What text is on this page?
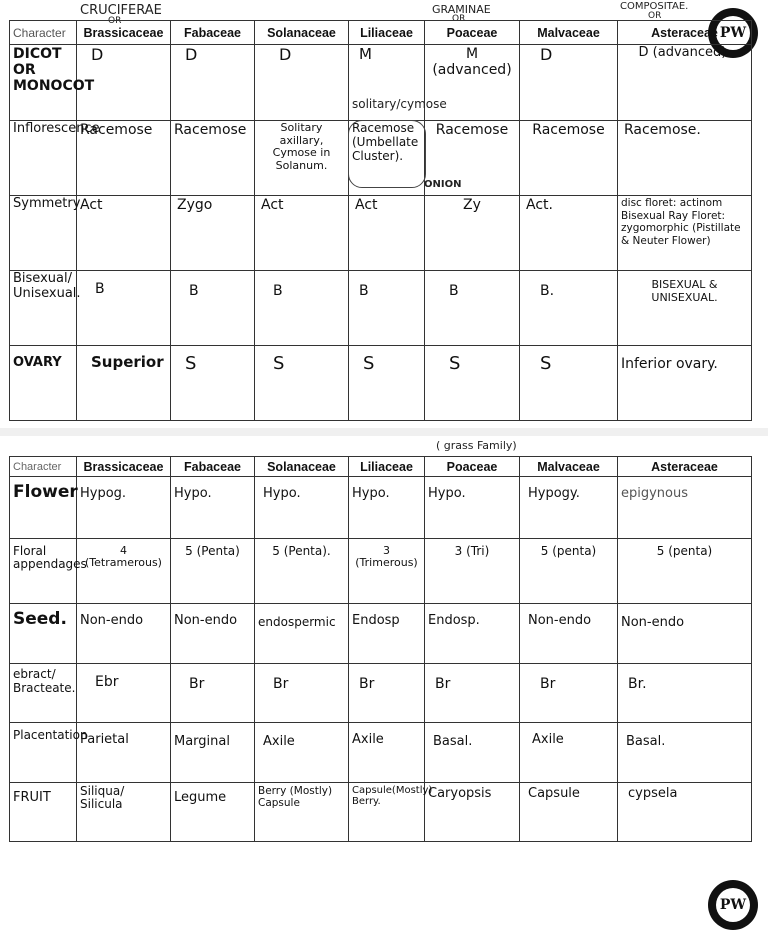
CRUCIFERAE
OR
GRAMINAE
OR
COMPOSITAE.
OR
PW
Character	Brassicaceae	Fabaceae	Solanaceae	Liliaceae	Poaceae	Malvaceae	Asteraceae
DICOT OR MONOCOT	D	D	D	M	M (advanced)	D	D (advanced).
Inflorescence	Racemose	Racemose	Solitary axillary, Cymose in Solanum.	Racemose (Umbellate Cluster).	Racemose	Racemose	Racemose.
Symmetry	Act	Zygo	Act	Act	Zy	Act.	disc floret: actinom Bisexual Ray Floret: zygomorphic (Pistillate & Neuter Flower)
Bisexual/ Unisexual.	B	B	B	B	B	B.	BISEXUAL & UNISEXUAL.
OVARY	Superior	S	S	S	S	S	Inferior ovary.
solitary/cymose
ONION
( grass Family)
PW
Character	Brassicaceae	Fabaceae	Solanaceae	Liliaceae	Poaceae	Malvaceae	Asteraceae
Flower	Hypog.	Hypo.	Hypo.	Hypo.	Hypo.	Hypogy.	epigynous
Floral appendages	4 (Tetramerous)	5 (Penta)	5 (Penta).	3 (Trimerous)	3 (Tri)	5 (penta)	5 (penta)
Seed.	Non-endo	Non-endo	endospermic	Endosp	Endosp.	Non-endo	Non-endo
ebract/ Bracteate.	Ebr	Br	Br	Br	Br	Br	Br.
Placentation	Parietal	Marginal	Axile	Axile	Basal.	Axile	Basal.
FRUIT	Siliqua/ Silicula	Legume	Berry (Mostly) Capsule	Capsule(Mostly) Berry.	Caryopsis	Capsule	cypsela
